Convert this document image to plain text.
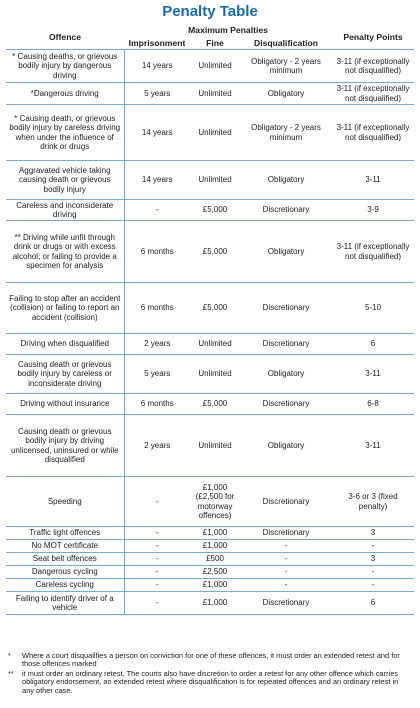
Penalty Table
Offence	Maximum Penalties			Penalty Points
	Imprisonment	Fine	Disqualification	
* Causing deaths, or grievous bodily injury by dangerous driving	14 years	Unlimited	Obligatory - 2 years minimum	3-11 (if exceptionally not disqualified)
*Dangerous driving	5 years	Unlimited	Obligatory	3-11 (if exceptionally not disqualified)
* Causing death, or grievous bodily injury by careless driving when under the influence of drink or drugs	14 years	Unlimited	Obligatory - 2 years minimum	3-11 (if exceptionally not disqualified)
Aggravated vehicle taking causing death or grievous bodily injury	14 years	Unlimited	Obligatory	3-11
Careless and inconsiderate driving	-	£5,000	Discretionary	3-9
** Driving while unfit through drink or drugs or with excess alcohol; or failing to provide a specimen for analysis	6 months	£5,000	Obligatory	3-11 (if exceptionally not disqualified)
Failing to stop after an accident (collision) or failing to report an accident (collision)	6 months	£5,000	Discretionary	5-10
Driving when disqualified	2 years	Unlimited	Discretionary	6
Causing death or grievous bodily injury by careless or inconsiderate driving	5 years	Unlimited	Obligatory	3-11
Driving without insurance	6 months	£5,000	Discretionary	6-8
Causing death or grievous bodily injury by driving unlicensed, uninsured or while disqualified	2 years	Unlimited	Obligatory	3-11
Speeding	-	£1,000 (£2,500 for motorway offences)	Discretionary	3-6 or 3 (fixed penalty)
Traffic light offences	-	£1,000	Discretionary	3
No MOT certificate	-	£1,000	-	-
Seat belt offences	-	£500	-	3
Dangerous cycling	-	£2,500	-	-
Careless cycling	-	£1,000	-	-
Failing to identify driver of a vehicle	-	£1,000	Discretionary	6
*	Where a court disqualifies a person on conviction for one of these offences, it must order an extended retest and for those offences marked
**	it must order an ordinary retest. The courts also have discretion to order a retest for any other offence which carries obligatory endorsement, an extended retest where disqualification is for repeated offences and an ordinary retest in any other case.
